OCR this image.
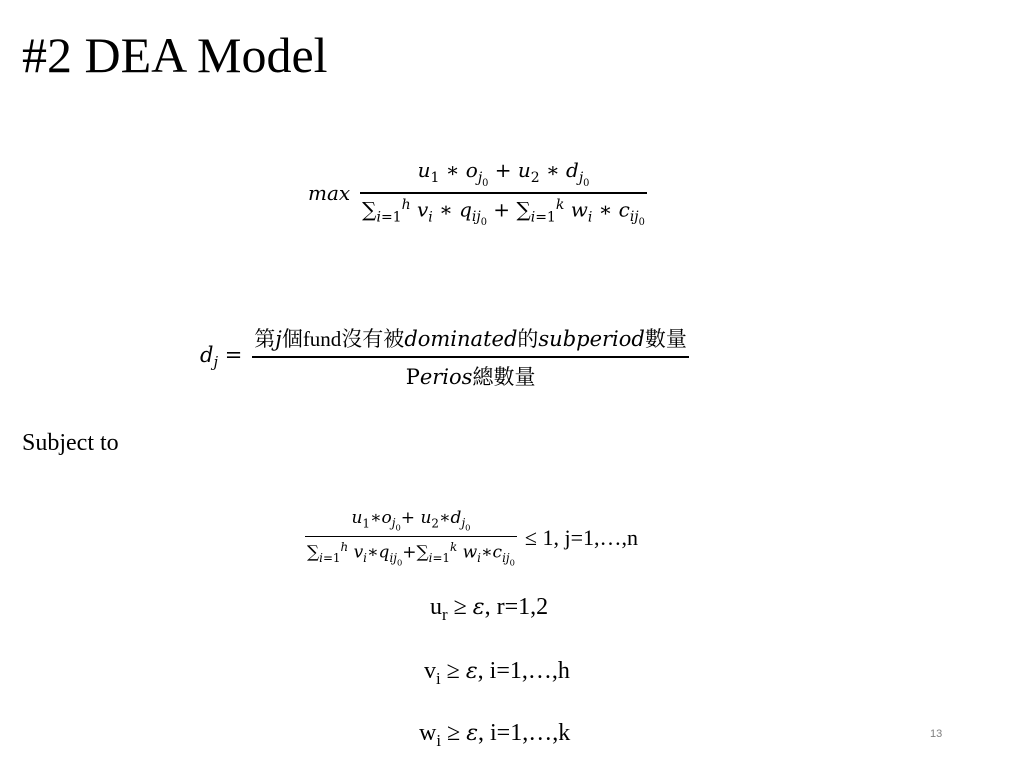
#2 DEA Model
$\max \frac{u_1 ∗ o_{j_0} + u_2 ∗ d_{j_0}}{\sum_{i=1}^h v_i ∗ q_{ij_0} + \sum_{i=1}^k w_i ∗ c_{ij_0}}$
$d_j = \frac{\text{第j個fund沒有被dominated的subperiod數量}}{\text{Perios總數量}}$
Subject to
$\frac{u_1∗o_{j_0}+ u_2∗d_{j_0}}{\sum_{i=1}^h v_i∗q_{ij_0}+\sum_{i=1}^k w_i∗c_{ij_0}} \le 1$, j=1,…,n
$u_r \ge \varepsilon$, r=1,2
$v_i \ge \varepsilon$, i=1,…,h
$w_i \ge \varepsilon$, i=1,…,k	13
